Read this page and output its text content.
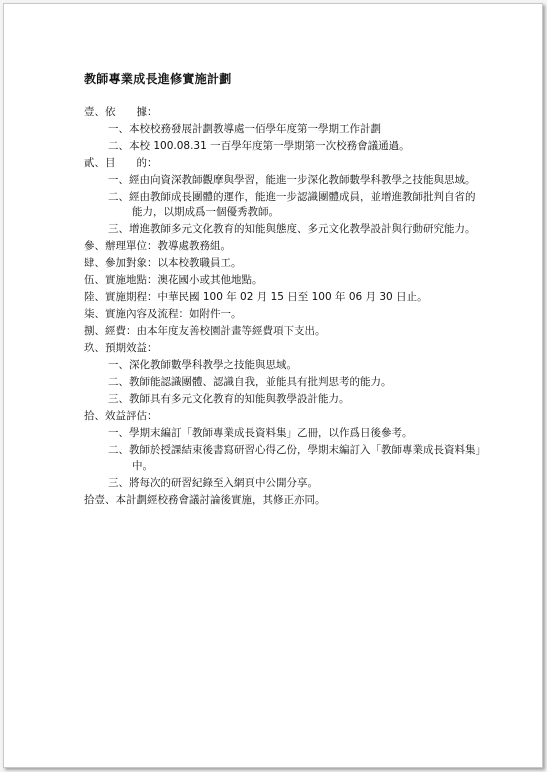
教師專業成長進修實施計劃
壹、依　　據：
一、本校校務發展計劃教導處一佰學年度第一學期工作計劃
二、本校 100.08.31 一百學年度第一學期第一次校務會議通過。
貳、目　　的：
一、經由向資深教師觀摩與學習，能進一步深化教師數學科教學之技能與思域。
二、經由教師成長團體的運作，能進一步認識團體成員，並增進教師批判自省的能力，以期成爲一個優秀教師。
三、增進教師多元文化教育的知能與態度、多元文化教學設計與行動研究能力。
參、辦理單位：教導處教務組。
肆、參加對象：以本校教職員工。
伍、實施地點：澳花國小或其他地點。
陸、實施期程：中華民國 100 年 02 月 15 日至 100 年 06 月 30 日止。
柒、實施內容及流程：如附件一。
捌、經費：由本年度友善校園計畫等經費項下支出。
玖、預期效益：
一、深化教師數學科教學之技能與思域。
二、教師能認識團體、認識自我，並能具有批判思考的能力。
三、教師具有多元文化教育的知能與教學設計能力。
拾、效益評估：
一、學期末編訂「教師專業成長資料集」乙冊，以作爲日後參考。
二、教師於授課結束後書寫研習心得乙份，學期末編訂入「教師專業成長資料集」中。
三、將每次的研習紀錄至入網頁中公開分享。
拾壹、本計劃經校務會議討論後實施，其修正亦同。
